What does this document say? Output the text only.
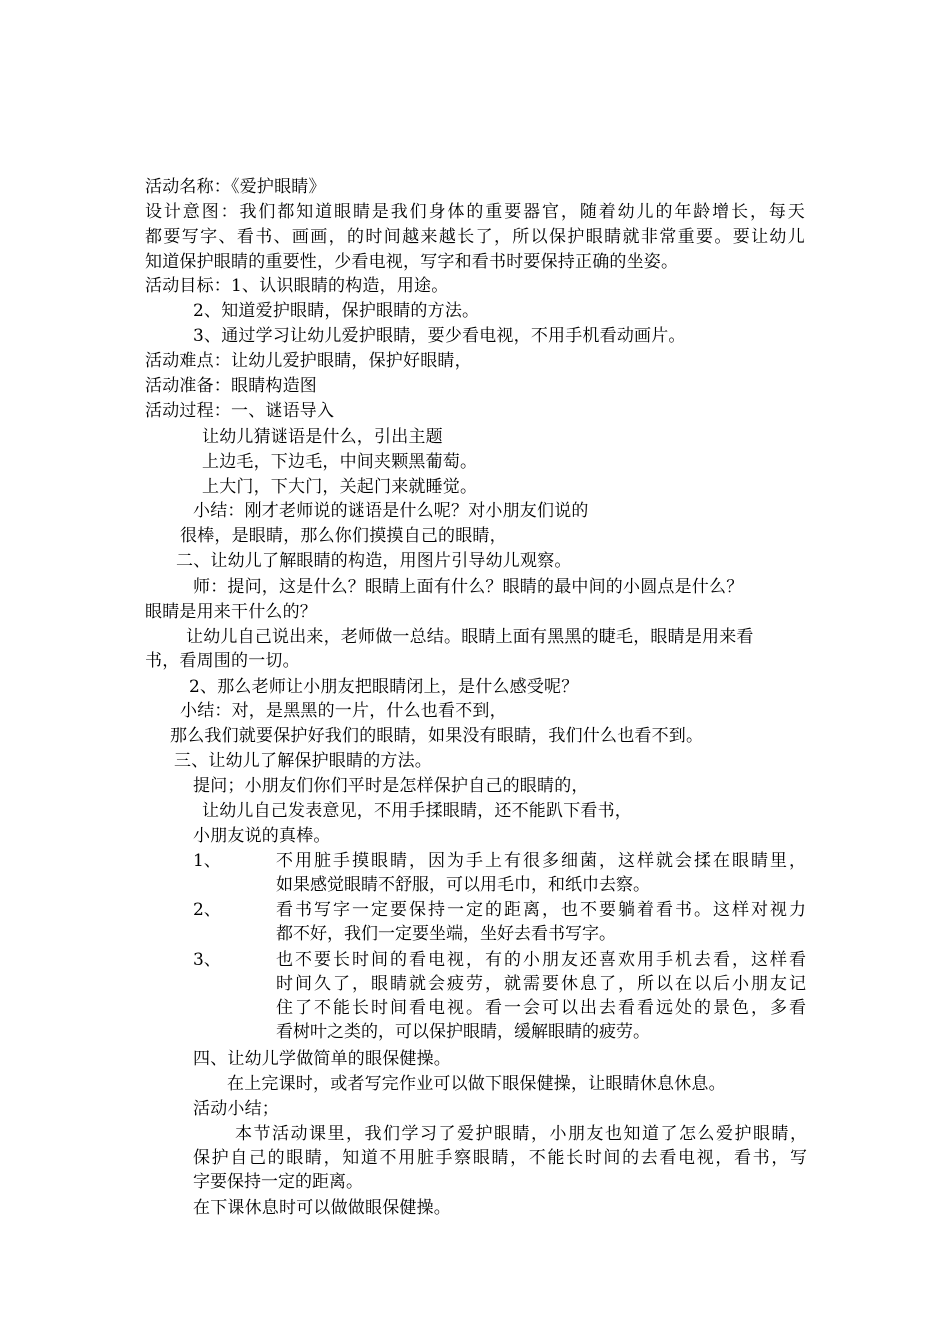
活动名称：《爱护眼睛》
设计意图：我们都知道眼睛是我们身体的重要器官，随着幼儿的年龄增长，每天
都要写字、看书、画画，的时间越来越长了，所以保护眼睛就非常重要。要让幼儿
知道保护眼睛的重要性，少看电视，写字和看书时要保持正确的坐姿。
活动目标：1、认识眼睛的构造，用途。
2、知道爱护眼睛，保护眼睛的方法。
3、通过学习让幼儿爱护眼睛，要少看电视，不用手机看动画片。
活动难点：让幼儿爱护眼睛，保护好眼睛，
活动准备：眼睛构造图
活动过程：一、谜语导入
让幼儿猜谜语是什么，引出主题
上边毛，下边毛，中间夹颗黑葡萄。
上大门，下大门，关起门来就睡觉。
小结：刚才老师说的谜语是什么呢？对小朋友们说的
很棒，是眼睛，那么你们摸摸自己的眼睛，
二、让幼儿了解眼睛的构造，用图片引导幼儿观察。
师：提问，这是什么？眼睛上面有什么？眼睛的最中间的小圆点是什么？
眼睛是用来干什么的？
让幼儿自己说出来，老师做一总结。眼睛上面有黑黑的睫毛，眼睛是用来看
书，看周围的一切。
2、那么老师让小朋友把眼睛闭上，是什么感受呢？
小结：对，是黑黑的一片，什么也看不到，
那么我们就要保护好我们的眼睛，如果没有眼睛，我们什么也看不到。
三、让幼儿了解保护眼睛的方法。
提问；小朋友们你们平时是怎样保护自己的眼睛的，
让幼儿自己发表意见，不用手揉眼睛，还不能趴下看书，
小朋友说的真棒。
1、	不用脏手摸眼睛，因为手上有很多细菌，这样就会揉在眼睛里，
如果感觉眼睛不舒服，可以用毛巾，和纸巾去察。
2、	看书写字一定要保持一定的距离，也不要躺着看书。这样对视力
都不好，我们一定要坐端，坐好去看书写字。
3、	也不要长时间的看电视，有的小朋友还喜欢用手机去看，这样看
时间久了，眼睛就会疲劳，就需要休息了，所以在以后小朋友记
住了不能长时间看电视。看一会可以出去看看远处的景色，多看
看树叶之类的，可以保护眼睛，缓解眼睛的疲劳。
四、让幼儿学做简单的眼保健操。
在上完课时，或者写完作业可以做下眼保健操，让眼睛休息休息。
活动小结；
本节活动课里，我们学习了爱护眼睛，小朋友也知道了怎么爱护眼睛，
保护自己的眼睛，知道不用脏手察眼睛，不能长时间的去看电视，看书，写
字要保持一定的距离。
在下课休息时可以做做眼保健操。
